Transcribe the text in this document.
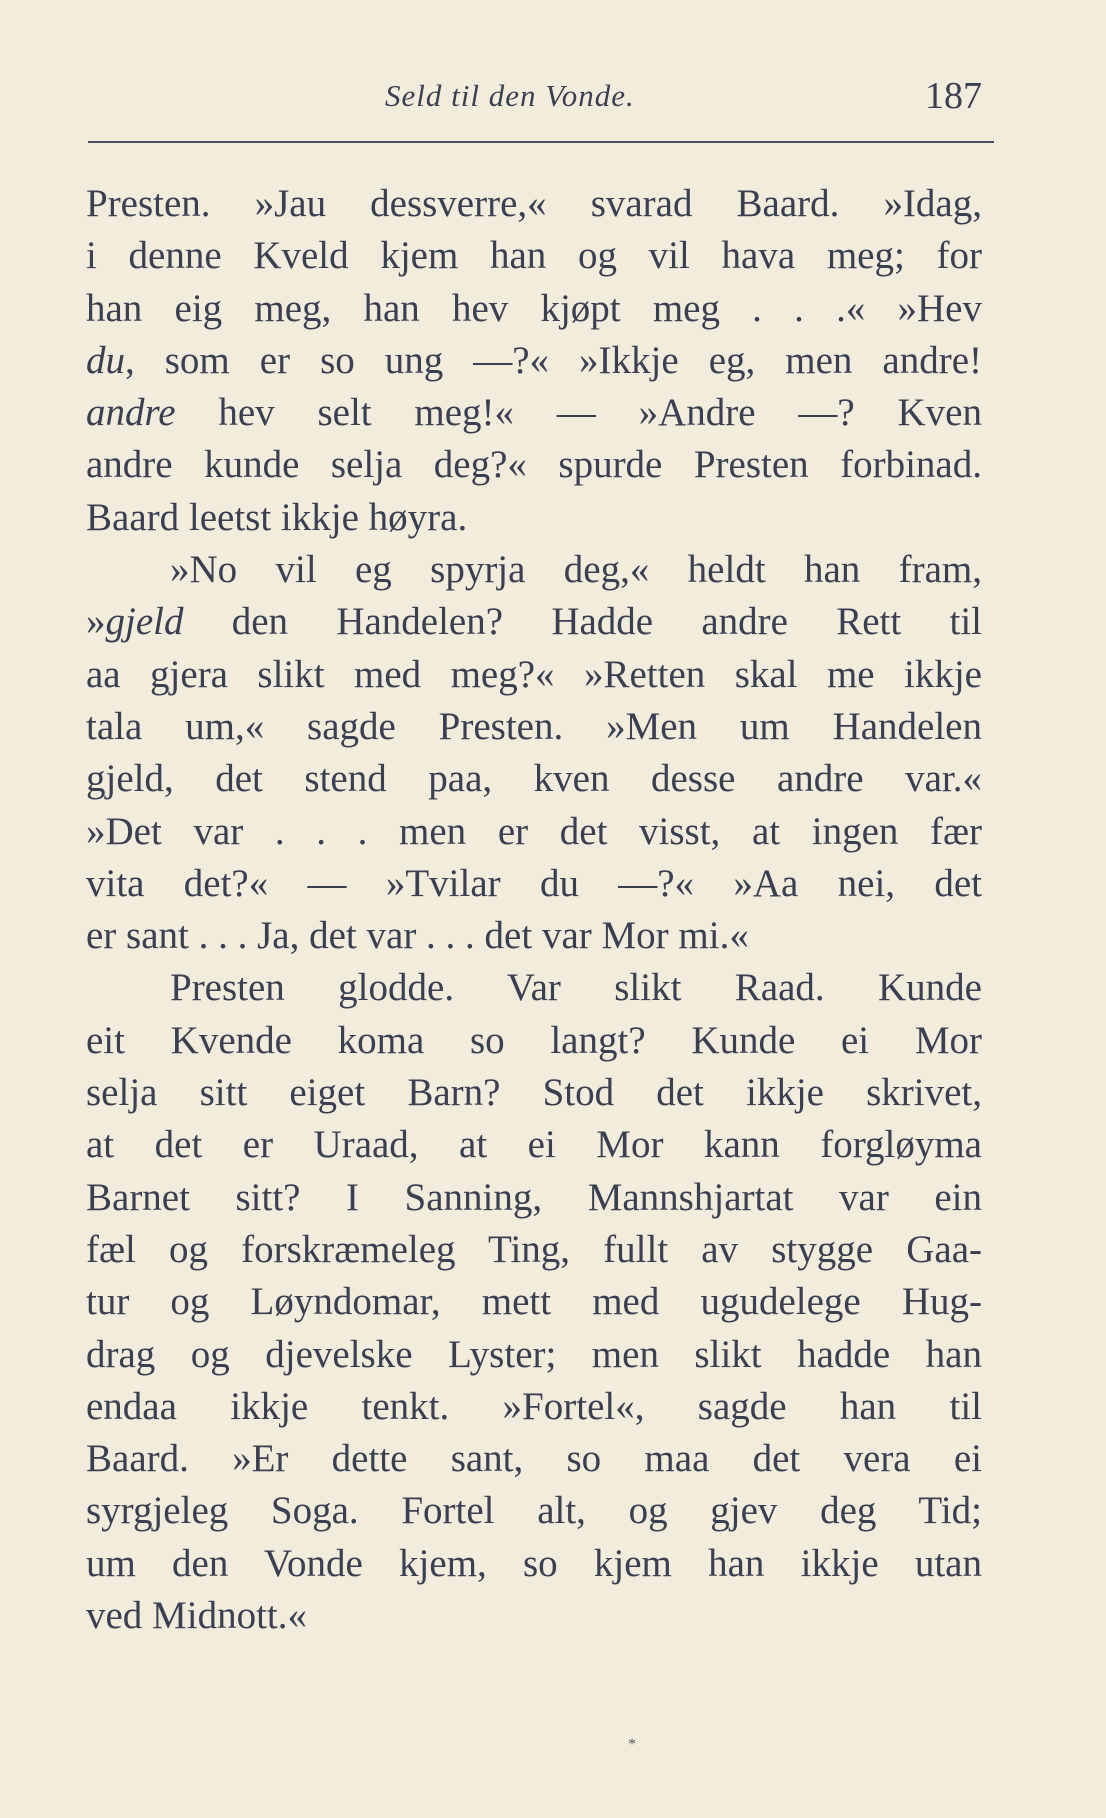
Seld til den Vonde.	187
Presten. »Jau dessverre,« svarad Baard. »Idag,
i denne Kveld kjem han og vil hava meg; for
han eig meg, han hev kjøpt meg . . .« »Hev
du, som er so ung —?« »Ikkje eg, men andre!
andre hev selt meg!« — »Andre —? Kven
andre kunde selja deg?« spurde Presten forbinad.
Baard leetst ikkje høyra.
»No vil eg spyrja deg,« heldt han fram,
»gjeld den Handelen? Hadde andre Rett til
aa gjera slikt med meg?« »Retten skal me ikkje
tala um,« sagde Presten. »Men um Handelen
gjeld, det stend paa, kven desse andre var.«
»Det var . . . men er det visst, at ingen fær
vita det?« — »Tvilar du —?« »Aa nei, det
er sant . . . Ja, det var . . . det var Mor mi.«
Presten glodde. Var slikt Raad. Kunde
eit Kvende koma so langt? Kunde ei Mor
selja sitt eiget Barn? Stod det ikkje skrivet,
at det er Uraad, at ei Mor kann forgløyma
Barnet sitt? I Sanning, Mannshjartat var ein
fæl og forskræmeleg Ting, fullt av stygge Gaa-
tur og Løyndomar, mett med ugudelege Hug-
drag og djevelske Lyster; men slikt hadde han
endaa ikkje tenkt. »Fortel«, sagde han til
Baard. »Er dette sant, so maa det vera ei
syrgjeleg Soga. Fortel alt, og gjev deg Tid;
um den Vonde kjem, so kjem han ikkje utan
ved Midnott.«
*
